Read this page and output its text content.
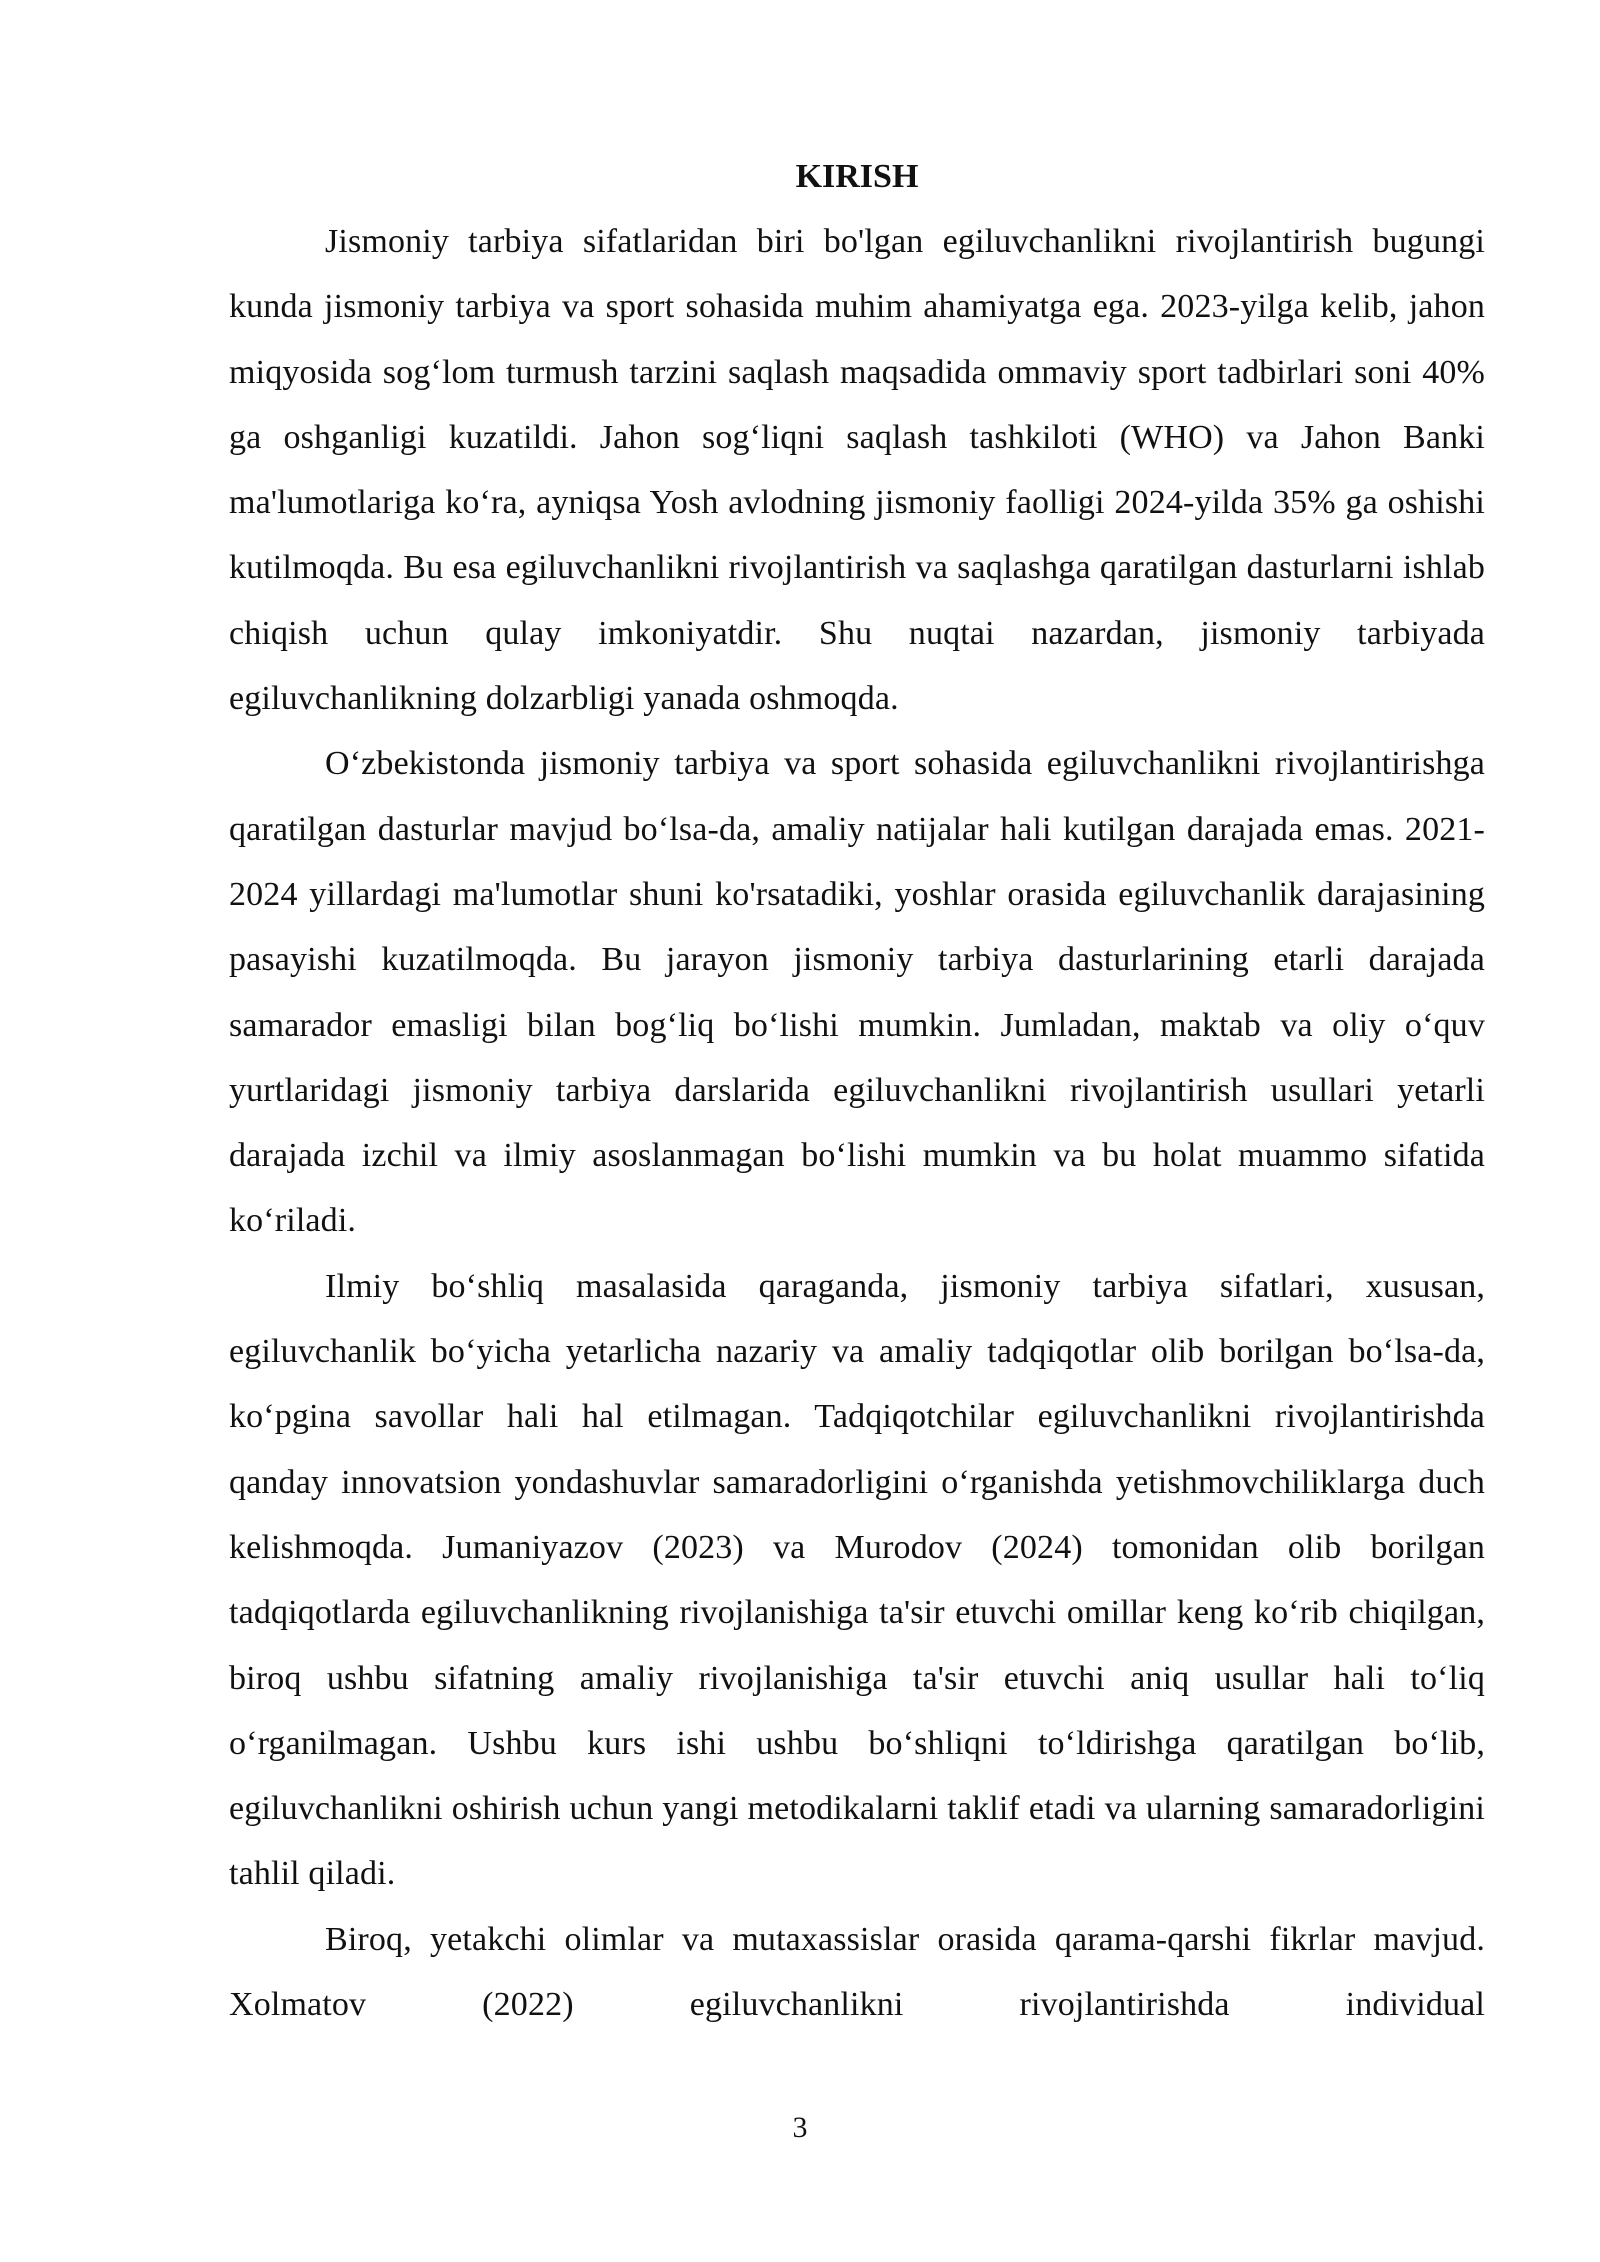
KIRISH

Jismoniy tarbiya sifatlaridan biri bo'lgan egiluvchanlikni rivojlantirish bugungi kunda jismoniy tarbiya va sport sohasida muhim ahamiyatga ega. 2023-yilga kelib, jahon miqyosida sog‘lom turmush tarzini saqlash maqsadida ommaviy sport tadbirlari soni 40% ga oshganligi kuzatildi. Jahon sog‘liqni saqlash tashkiloti (WHO) va Jahon Banki ma'lumotlariga ko‘ra, ayniqsa Yosh avlodning jismoniy faolligi 2024-yilda 35% ga oshishi kutilmoqda. Bu esa egiluvchanlikni rivojlantirish va saqlashga qaratilgan dasturlarni ishlab chiqish uchun qulay imkoniyatdir. Shu nuqtai nazardan, jismoniy tarbiyada egiluvchanlikning dolzarbligi yanada oshmoqda.

O‘zbekistonda jismoniy tarbiya va sport sohasida egiluvchanlikni rivojlantirishga qaratilgan dasturlar mavjud bo‘lsa-da, amaliy natijalar hali kutilgan darajada emas. 2021-2024 yillardagi ma'lumotlar shuni ko'rsatadiki, yoshlar orasida egiluvchanlik darajasining pasayishi kuzatilmoqda. Bu jarayon jismoniy tarbiya dasturlarining etarli darajada samarador emasligi bilan bog‘liq bo‘lishi mumkin. Jumladan, maktab va oliy o‘quv yurtlaridagi jismoniy tarbiya darslarida egiluvchanlikni rivojlantirish usullari yetarli darajada izchil va ilmiy asoslanmagan bo‘lishi mumkin va bu holat muammo sifatida ko‘riladi.

Ilmiy bo‘shliq masalasida qaraganda, jismoniy tarbiya sifatlari, xususan, egiluvchanlik bo‘yicha yetarlicha nazariy va amaliy tadqiqotlar olib borilgan bo‘lsa-da, ko‘pgina savollar hali hal etilmagan. Tadqiqotchilar egiluvchanlikni rivojlantirishda qanday innovatsion yondashuvlar samaradorligini o‘rganishda yetishmovchiliklarga duch kelishmoqda. Jumaniyazov (2023) va Murodov (2024) tomonidan olib borilgan tadqiqotlarda egiluvchanlikning rivojlanishiga ta'sir etuvchi omillar keng ko‘rib chiqilgan, biroq ushbu sifatning amaliy rivojlanishiga ta'sir etuvchi aniq usullar hali to‘liq o‘rganilmagan. Ushbu kurs ishi ushbu bo‘shliqni to‘ldirishga qaratilgan bo‘lib, egiluvchanlikni oshirish uchun yangi metodikalarni taklif etadi va ularning samaradorligini tahlil qiladi.

Biroq, yetakchi olimlar va mutaxassislar orasida qarama-qarshi fikrlar mavjud. Xolmatov (2022) egiluvchanlikni rivojlantirishda individual

3
